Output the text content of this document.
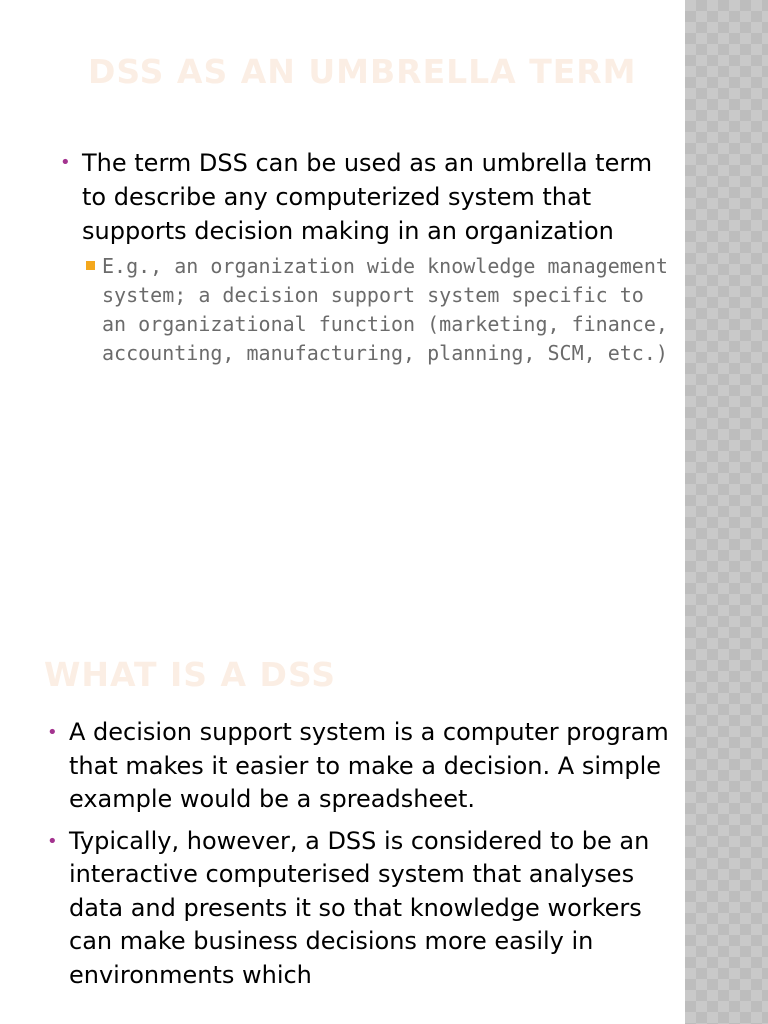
DSS AS AN UMBRELLA TERM
• The term DSS can be used as an umbrella term to describe any computerized system that supports decision making in an organization
E.g., an organization wide knowledge management system; a decision support system specific to an organizational function (marketing, finance, accounting, manufacturing, planning, SCM, etc.)
WHAT IS A DSS
• A decision support system is a computer program that makes it easier to make a decision. A simple example would be a spreadsheet.
• Typically, however, a DSS is considered to be an interactive computerised system that analyses data and presents it so that knowledge workers can make business decisions more easily in environments which
